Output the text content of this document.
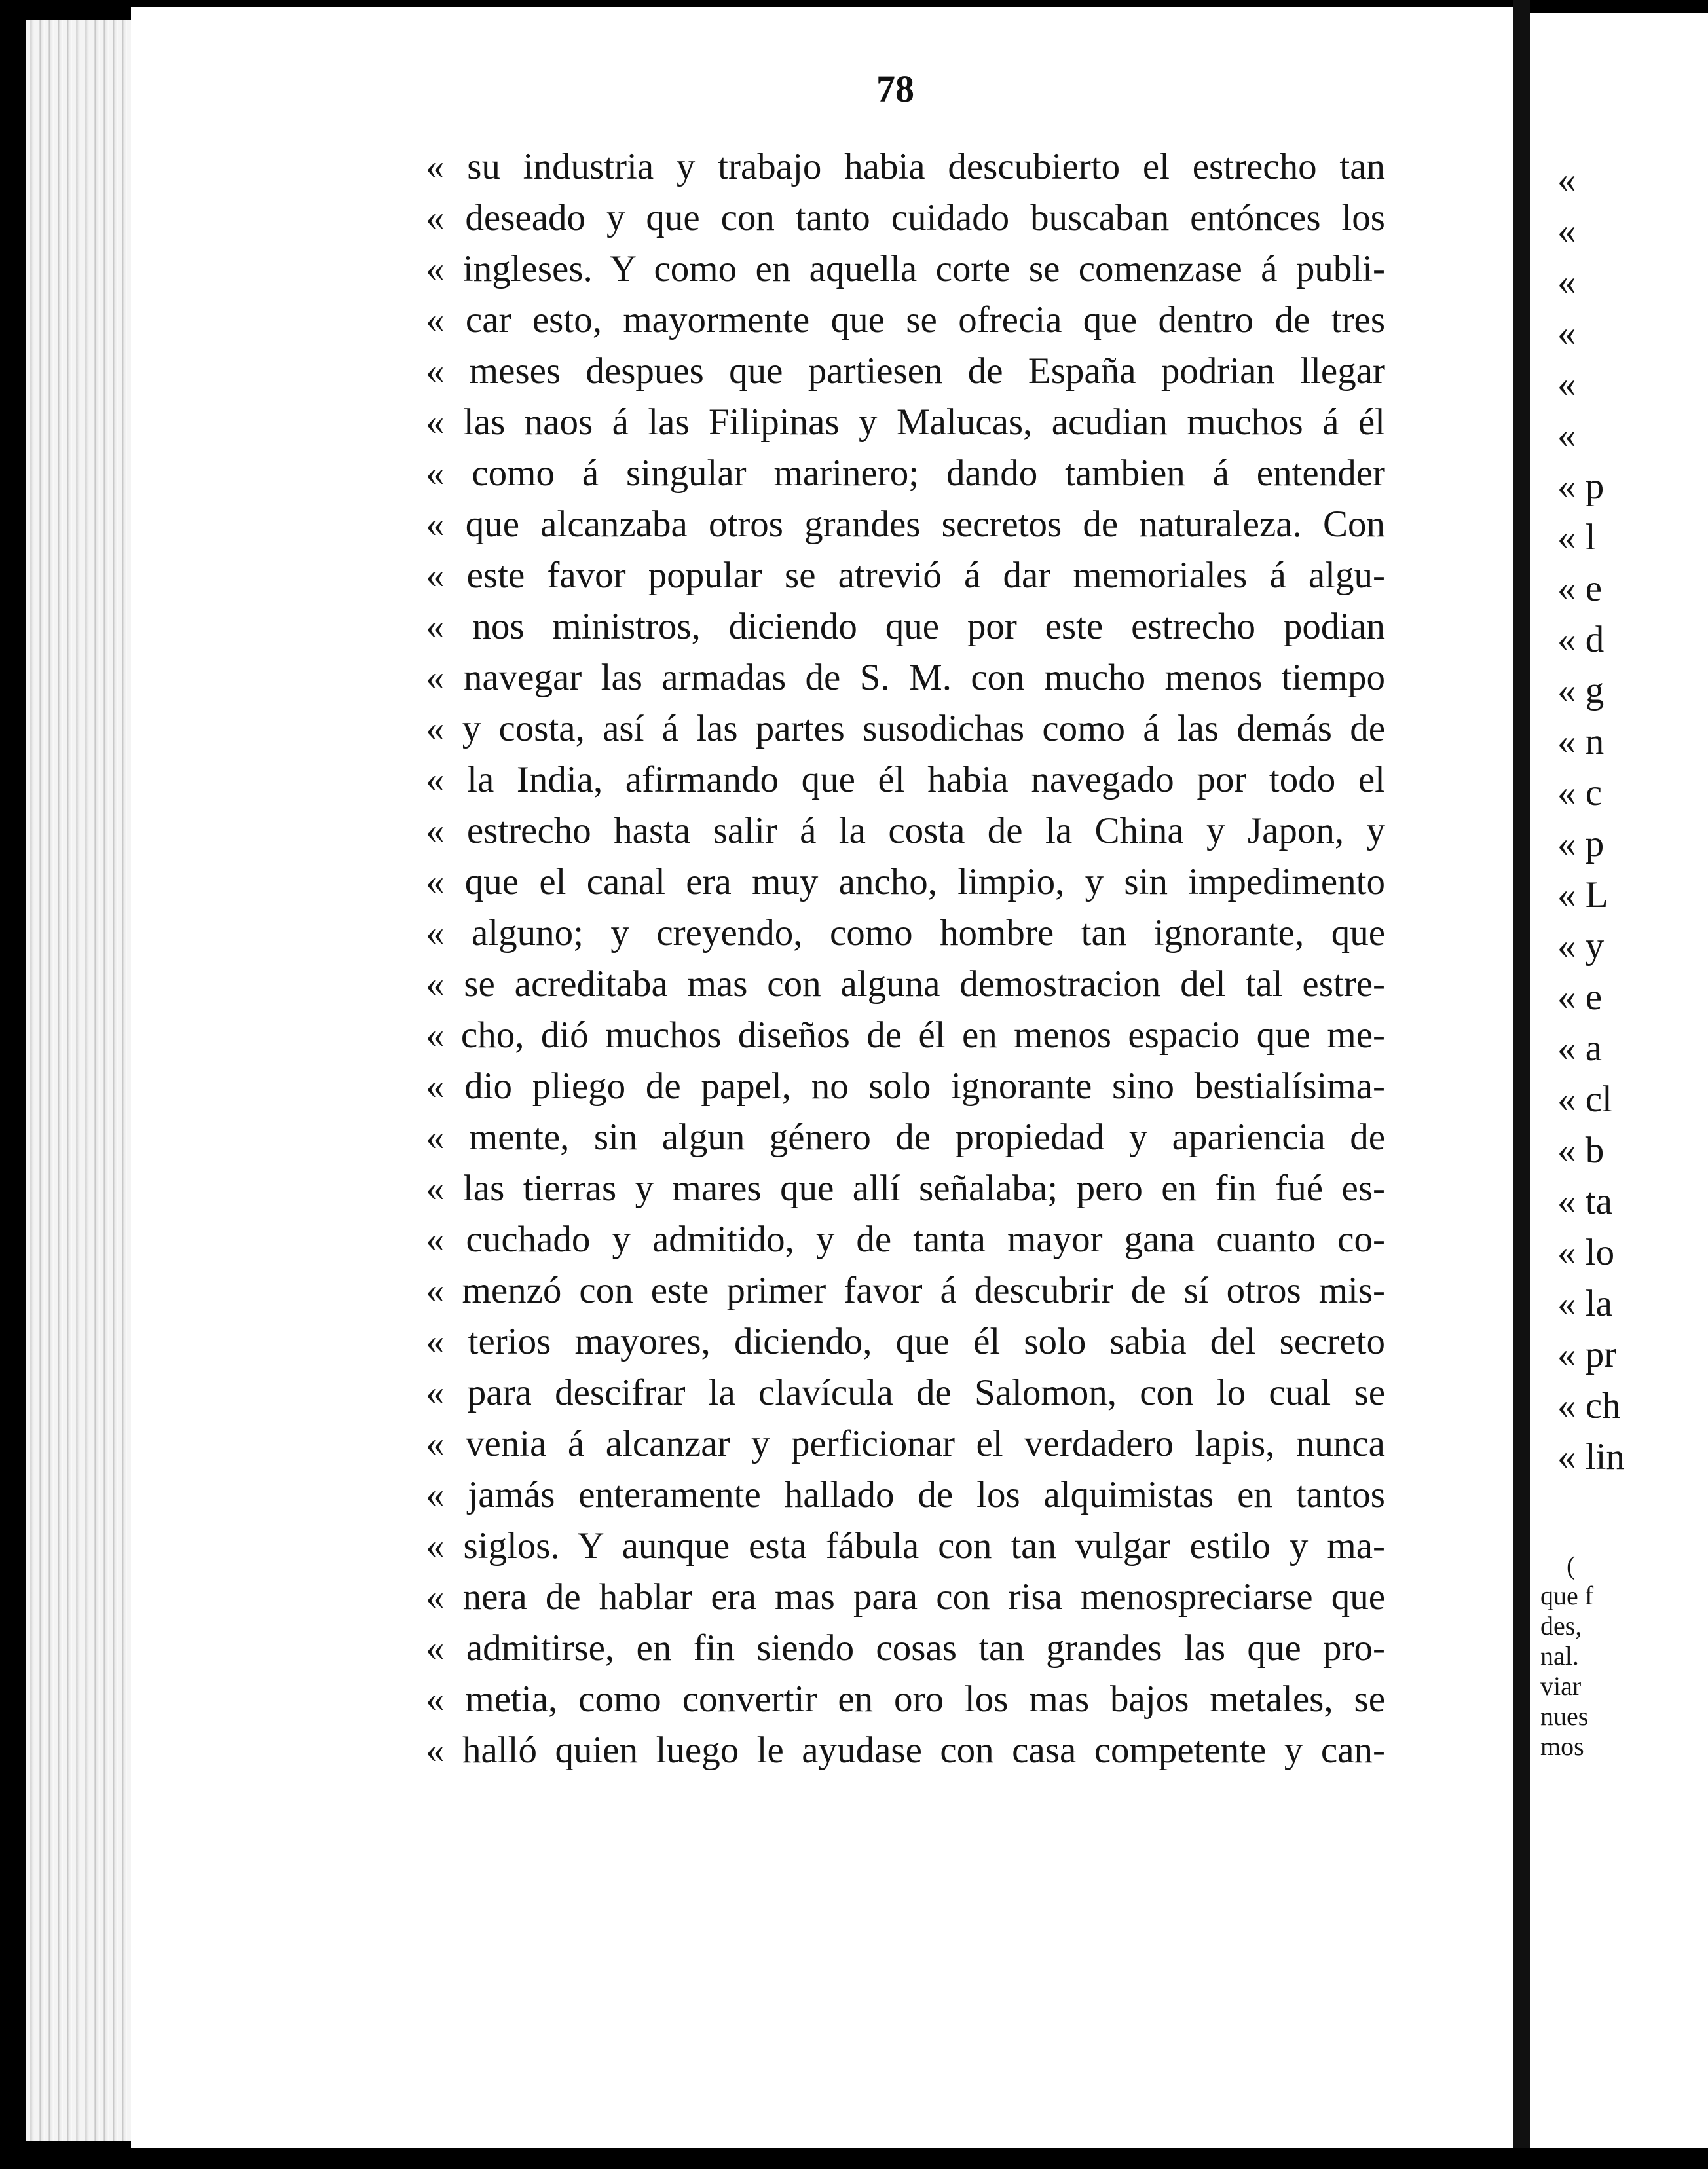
78
« su industria y trabajo habia descubierto el estrecho tan
« deseado y que con tanto cuidado buscaban entónces los
« ingleses. Y como en aquella corte se comenzase á publi-
« car esto, mayormente que se ofrecia que dentro de tres
« meses despues que partiesen de España podrian llegar
« las naos á las Filipinas y Malucas, acudian muchos á él
« como á singular marinero; dando tambien á entender
« que alcanzaba otros grandes secretos de naturaleza. Con
« este favor popular se atrevió á dar memoriales á algu-
« nos ministros, diciendo que por este estrecho podian
« navegar las armadas de S. M. con mucho menos tiempo
« y costa, así á las partes susodichas como á las demás de
« la India, afirmando que él habia navegado por todo el
« estrecho hasta salir á la costa de la China y Japon, y
« que el canal era muy ancho, limpio, y sin impedimento
« alguno; y creyendo, como hombre tan ignorante, que
« se acreditaba mas con alguna demostracion del tal estre-
« cho, dió muchos diseños de él en menos espacio que me-
« dio pliego de papel, no solo ignorante sino bestialísima-
« mente, sin algun género de propiedad y apariencia de
« las tierras y mares que allí señalaba; pero en fin fué es-
« cuchado y admitido, y de tanta mayor gana cuanto co-
« menzó con este primer favor á descubrir de sí otros mis-
« terios mayores, diciendo, que él solo sabia del secreto
« para descifrar la clavícula de Salomon, con lo cual se
« venia á alcanzar y perficionar el verdadero lapis, nunca
« jamás enteramente hallado de los alquimistas en tantos
« siglos. Y aunque esta fábula con tan vulgar estilo y ma-
« nera de hablar era mas para con risa menospreciarse que
« admitirse, en fin siendo cosas tan grandes las que pro-
« metia, como convertir en oro los mas bajos metales, se
« halló quien luego le ayudase con casa competente y can-
«
«
«
«
«
«
« p
« l
« e
« d
« g
« n
« c
« p
« L
« y
« e
« a
« cl
« b
« ta
« lo
« la
« pr
« ch
« lin
(
que f
des,
nal.
viar
nues
mos
